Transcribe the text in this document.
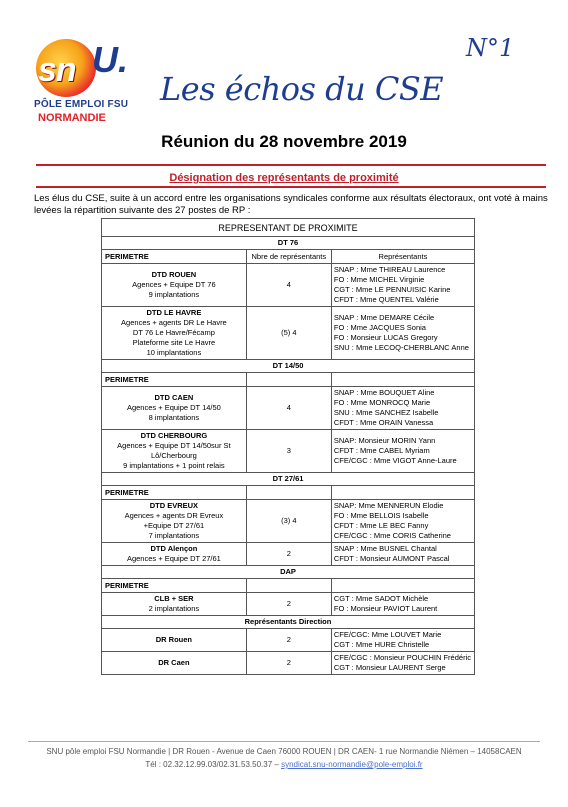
sn U.
PÔLE EMPLOI FSU
NORMANDIE
N°1
Les échos du CSE
Réunion du 28 novembre 2019
Désignation des représentants de proximité
Les élus du CSE, suite à un accord entre les organisations syndicales conforme aux résultats électoraux, ont voté à mains levées la répartition suivante des 27 postes de RP :
REPRESENTANT DE PROXIMITE		
DT 76		
PERIMETRE	Nbre de représentants	Représentants

DTD ROUEN
Agences + Equipe DT 76
9 implantations	4	SNAP : Mme THIREAU Laurence
FO : Mme MICHEL Virginie
CGT : Mme LE PENNUISIC Karine
CFDT : Mme QUENTEL Valérie

DTD LE HAVRE
Agences + agents DR Le Havre
DT 76 Le Havre/Fécamp
Plateforme site Le Havre
10 implantations	(5) 4	SNAP : Mme DEMARE Cécile
FO : Mme JACQUES Sonia
FO : Monsieur LUCAS Gregory
SNU : Mme LECOQ-CHERBLANC Anne

DT 14/50		
PERIMETRE		

DTD CAEN
Agences + Equipe DT 14/50
8 implantations	4	SNAP : Mme BOUQUET Aline
FO : Mme MONROCQ Marie
SNU : Mme SANCHEZ Isabelle
CFDT : Mme ORAIN Vanessa

DTD CHERBOURG
Agences + Equipe DT 14/50sur St
Lô/Cherbourg
9 implantations + 1 point relais	3	SNAP: Monsieur MORIN Yann
CFDT : Mme CABEL Myriam
CFE/CGC : Mme VIGOT Anne-Laure

DT 27/61		
PERIMETRE		

DTD EVREUX
Agences + agents DR Evreux
+Equipe DT 27/61
7 implantations	(3) 4	SNAP: Mme MENNERUN Elodie
FO : Mme BELLOIS Isabelle
CFDT : Mme LE BEC Fanny
CFE/CGC : Mme CORIS Catherine

DTD Alençon
Agences + Equipe DT 27/61	2	SNAP : Mme BUSNEL Chantal
CFDT : Monsieur AUMONT Pascal

DAP		
PERIMETRE		

CLB + SER
2 implantations	2	CGT : Mme SADOT Michèle
FO : Monsieur PAVIOT Laurent

Représentants Direction		

DR Rouen	2	CFE/CGC: Mme LOUVET Marie
CGT : Mme HURE Christelle

DR Caen	2	CFE/CGC : Monsieur POUCHIN Frédéric
CGT : Monsieur LAURENT Serge
SNU pôle emploi FSU Normandie | DR Rouen - Avenue de Caen 76000 ROUEN | DR CAEN- 1 rue Normandie Niémen – 14058CAEN
Tél : 02.32.12.99.03/02.31.53.50.37 – syndicat.snu-normandie@pole-emploi.fr
